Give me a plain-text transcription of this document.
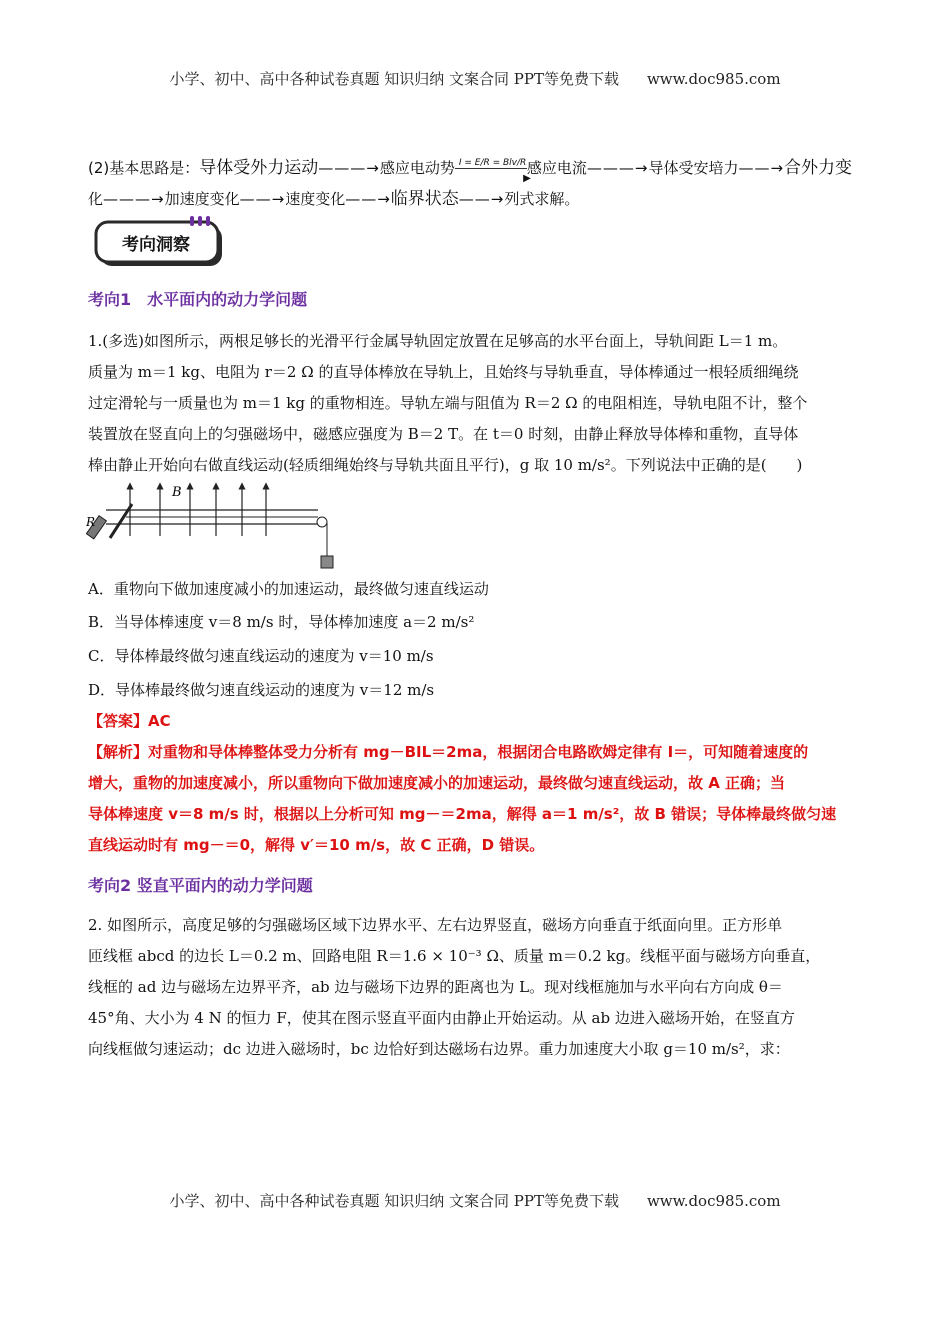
小学、初中、高中各种试卷真题 知识归纳 文案合同 PPT等免费下载 www.doc985.com
(2)基本思路是：导体受外力运动———→感应电动势 I = E/R = Blv/R
▶
感应电流———→导体受安培力——→合外力变
化———→加速度变化——→速度变化——→临界状态——→列式求解。
考向洞察
考向1　水平面内的动力学问题
1.(多选)如图所示，两根足够长的光滑平行金属导轨固定放置在足够高的水平台面上，导轨间距 L＝1 m。
质量为 m＝1 kg、电阻为 r＝2 Ω 的直导体棒放在导轨上，且始终与导轨垂直，导体棒通过一根轻质细绳绕
过定滑轮与一质量也为 m＝1 kg 的重物相连。导轨左端与阻值为 R＝2 Ω 的电阻相连，导轨电阻不计，整个
装置放在竖直向上的匀强磁场中，磁感应强度为 B＝2 T。在 t＝0 时刻，由静止释放导体棒和重物，直导体
棒由静止开始向右做直线运动(轻质细绳始终与导轨共面且平行)，g 取 10 m/s²。下列说法中正确的是(　　)
B
R
A．重物向下做加速度减小的加速运动，最终做匀速直线运动
B．当导体棒速度 v＝8 m/s 时，导体棒加速度 a＝2 m/s²
C．导体棒最终做匀速直线运动的速度为 v＝10 m/s
D．导体棒最终做匀速直线运动的速度为 v＝12 m/s
【答案】AC
【解析】对重物和导体棒整体受力分析有 mg－BIL＝2ma，根据闭合电路欧姆定律有 I＝，可知随着速度的
增大，重物的加速度减小，所以重物向下做加速度减小的加速运动，最终做匀速直线运动，故 A 正确；当
导体棒速度 v＝8 m/s 时，根据以上分析可知 mg－＝2ma，解得 a＝1 m/s²，故 B 错误；导体棒最终做匀速
直线运动时有 mg－＝0，解得 v′＝10 m/s，故 C 正确，D 错误。
考向2 竖直平面内的动力学问题
2. 如图所示，高度足够的匀强磁场区域下边界水平、左右边界竖直，磁场方向垂直于纸面向里。正方形单
匝线框 abcd 的边长 L＝0.2 m、回路电阻 R＝1.6 × 10⁻³ Ω、质量 m＝0.2 kg。线框平面与磁场方向垂直，
线框的 ad 边与磁场左边界平齐，ab 边与磁场下边界的距离也为 L。现对线框施加与水平向右方向成 θ＝
45°角、大小为 4 N 的恒力 F，使其在图示竖直平面内由静止开始运动。从 ab 边进入磁场开始，在竖直方
向线框做匀速运动；dc 边进入磁场时，bc 边恰好到达磁场右边界。重力加速度大小取 g＝10 m/s²，求：
小学、初中、高中各种试卷真题 知识归纳 文案合同 PPT等免费下载 www.doc985.com
